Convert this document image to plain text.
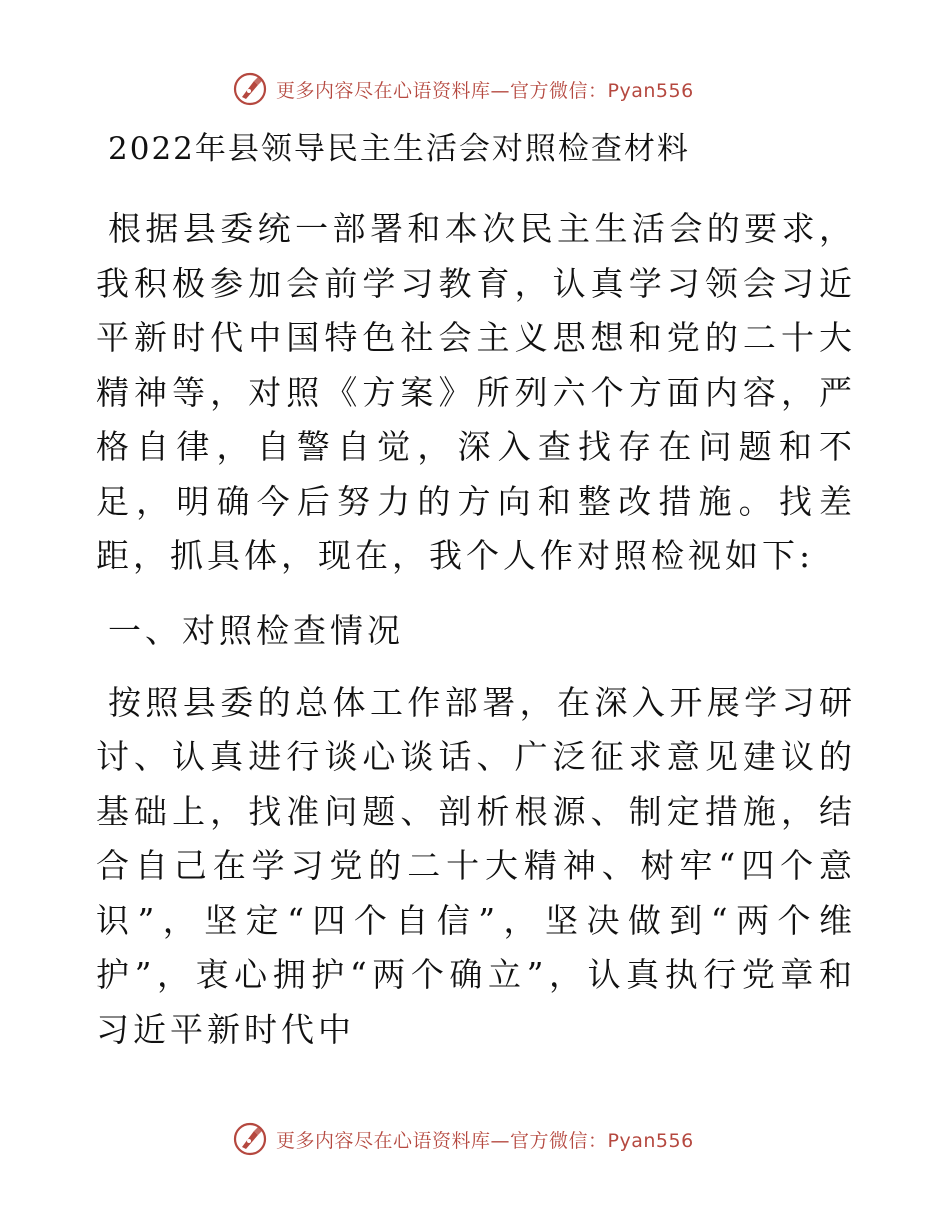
更多内容尽在心语资料库—官方微信：Pyan556
2022年县领导民主生活会对照检查材料

根据县委统一部署和本次民主生活会的要求，我积极参加会前学习教育，认真学习领会习近平新时代中国特色社会主义思想和党的二十大精神等，对照《方案》所列六个方面内容，严格自律，自警自觉，深入查找存在问题和不足，明确今后努力的方向和整改措施。找差距，抓具体，现在，我个人作对照检视如下:

一、对照检查情况

按照县委的总体工作部署，在深入开展学习研讨、认真进行谈心谈话、广泛征求意见建议的基础上，找准问题、剖析根源、制定措施，结合自己在学习党的二十大精神、树牢“四个意识”，坚定“四个自信”，坚决做到“两个维护”，衷心拥护“两个确立”，认真执行党章和习近平新时代中

更多内容尽在心语资料库—官方微信：Pyan556
